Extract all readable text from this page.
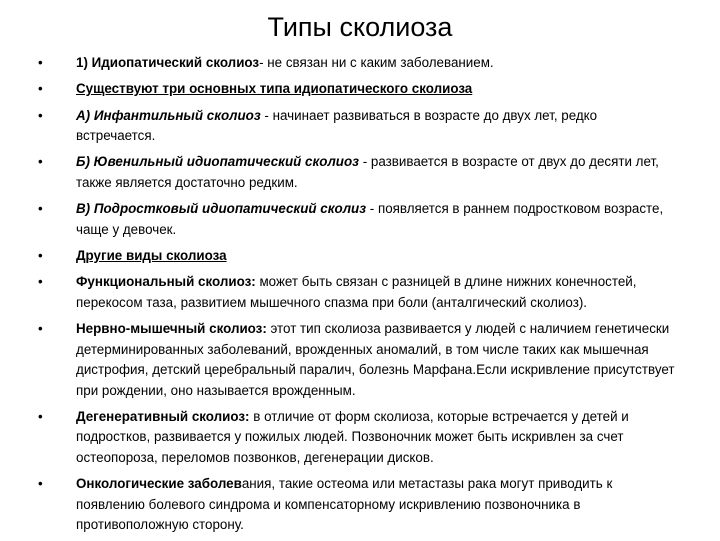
Типы сколиоза
•	1) Идиопатический сколиоз- не связан ни с каким заболеванием.
•	Существуют три основных типа идиопатического сколиоза
•	А) Инфантильный сколиоз - начинает развиваться в возрасте до двух лет, редко встречается.
•	Б) Ювенильный идиопатический сколиоз - развивается в возрасте от двух до десяти лет, также является достаточно редким.
•	В) Подростковый идиопатический сколиз - появляется в раннем подростковом возрасте, чаще у девочек.
•	Другие виды сколиоза
•	Функциональный сколиоз: может быть связан с разницей в длине нижних конечностей, перекосом таза, развитием мышечного спазма при боли (анталгический сколиоз).
•	Нервно-мышечный сколиоз: этот тип сколиоза развивается у людей с наличием генетически детерминированных заболеваний, врожденных аномалий, в том числе таких как мышечная дистрофия, детский церебральный паралич, болезнь Марфана.Если искривление присутствует при рождении, оно называется врожденным.
•	Дегенеративный сколиоз: в отличие от форм сколиоза, которые встречается у детей и подростков, развивается у пожилых людей. Позвоночник может быть искривлен за счет остеопороза, переломов позвонков, дегенерации дисков.
•	Онкологические заболевания, такие остеома или метастазы рака могут приводить к появлению болевого синдрома и компенсаторному искривлению позвоночника в противоположную сторону.
